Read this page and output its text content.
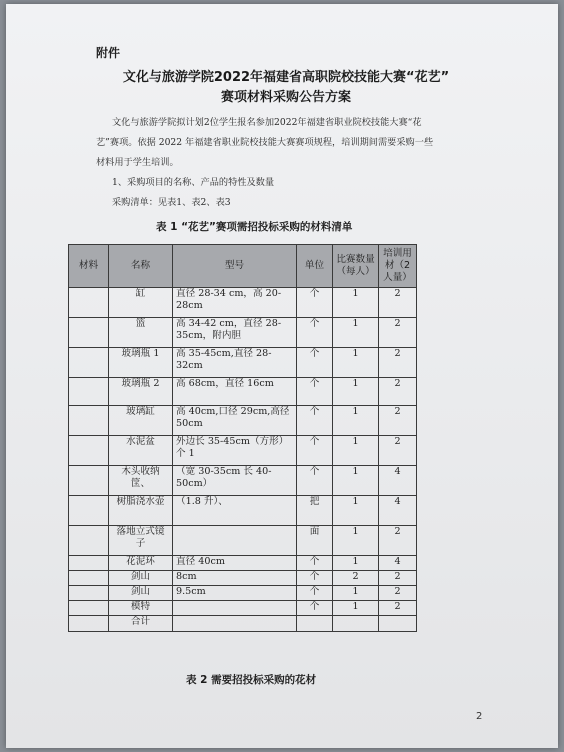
附件
文化与旅游学院2022年福建省高职院校技能大赛“花艺”
赛项材料采购公告方案
文化与旅游学院拟计划2位学生报名参加2022年福建省职业院校技能大赛“花
艺”赛项。依据 2022 年福建省职业院校技能大赛赛项规程，培训期间需要采购一些
材料用于学生培训。
1、采购项目的名称、产品的特性及数量
采购清单：见表1、表2、表3
表 1 “花艺”赛项需招投标采购的材料清单
材料	名称	型号	单位	比赛数量（每人）	培训用材（2人量）
	缸	直径 28-34 cm，高 20-28cm	个	1	2
	篮	高 34-42 cm，直径 28-35cm，附内胆	个	1	2
	玻璃瓶 1	高 35-45cm,直径 28-32cm	个	1	2
	玻璃瓶 2	高 68cm，直径 16cm	个	1	2
	玻璃缸	高 40cm,口径 29cm,高径 50cm	个	1	2
	水泥盆	外边长 35-45cm（方形）个 1	个	1	2
	木头收纳筐、	（宽 30-35cm 长 40-50cm）	个	1	4
	树脂浇水壶	（1.8 升）、	把	1	4
	落地立式镜子		面	1	2
	花泥环	直径 40cm	个	1	4
	剑山	8cm	个	2	2
	剑山	9.5cm	个	1	2
	模特		个	1	2
	合计				
表 2 需要招投标采购的花材
2
